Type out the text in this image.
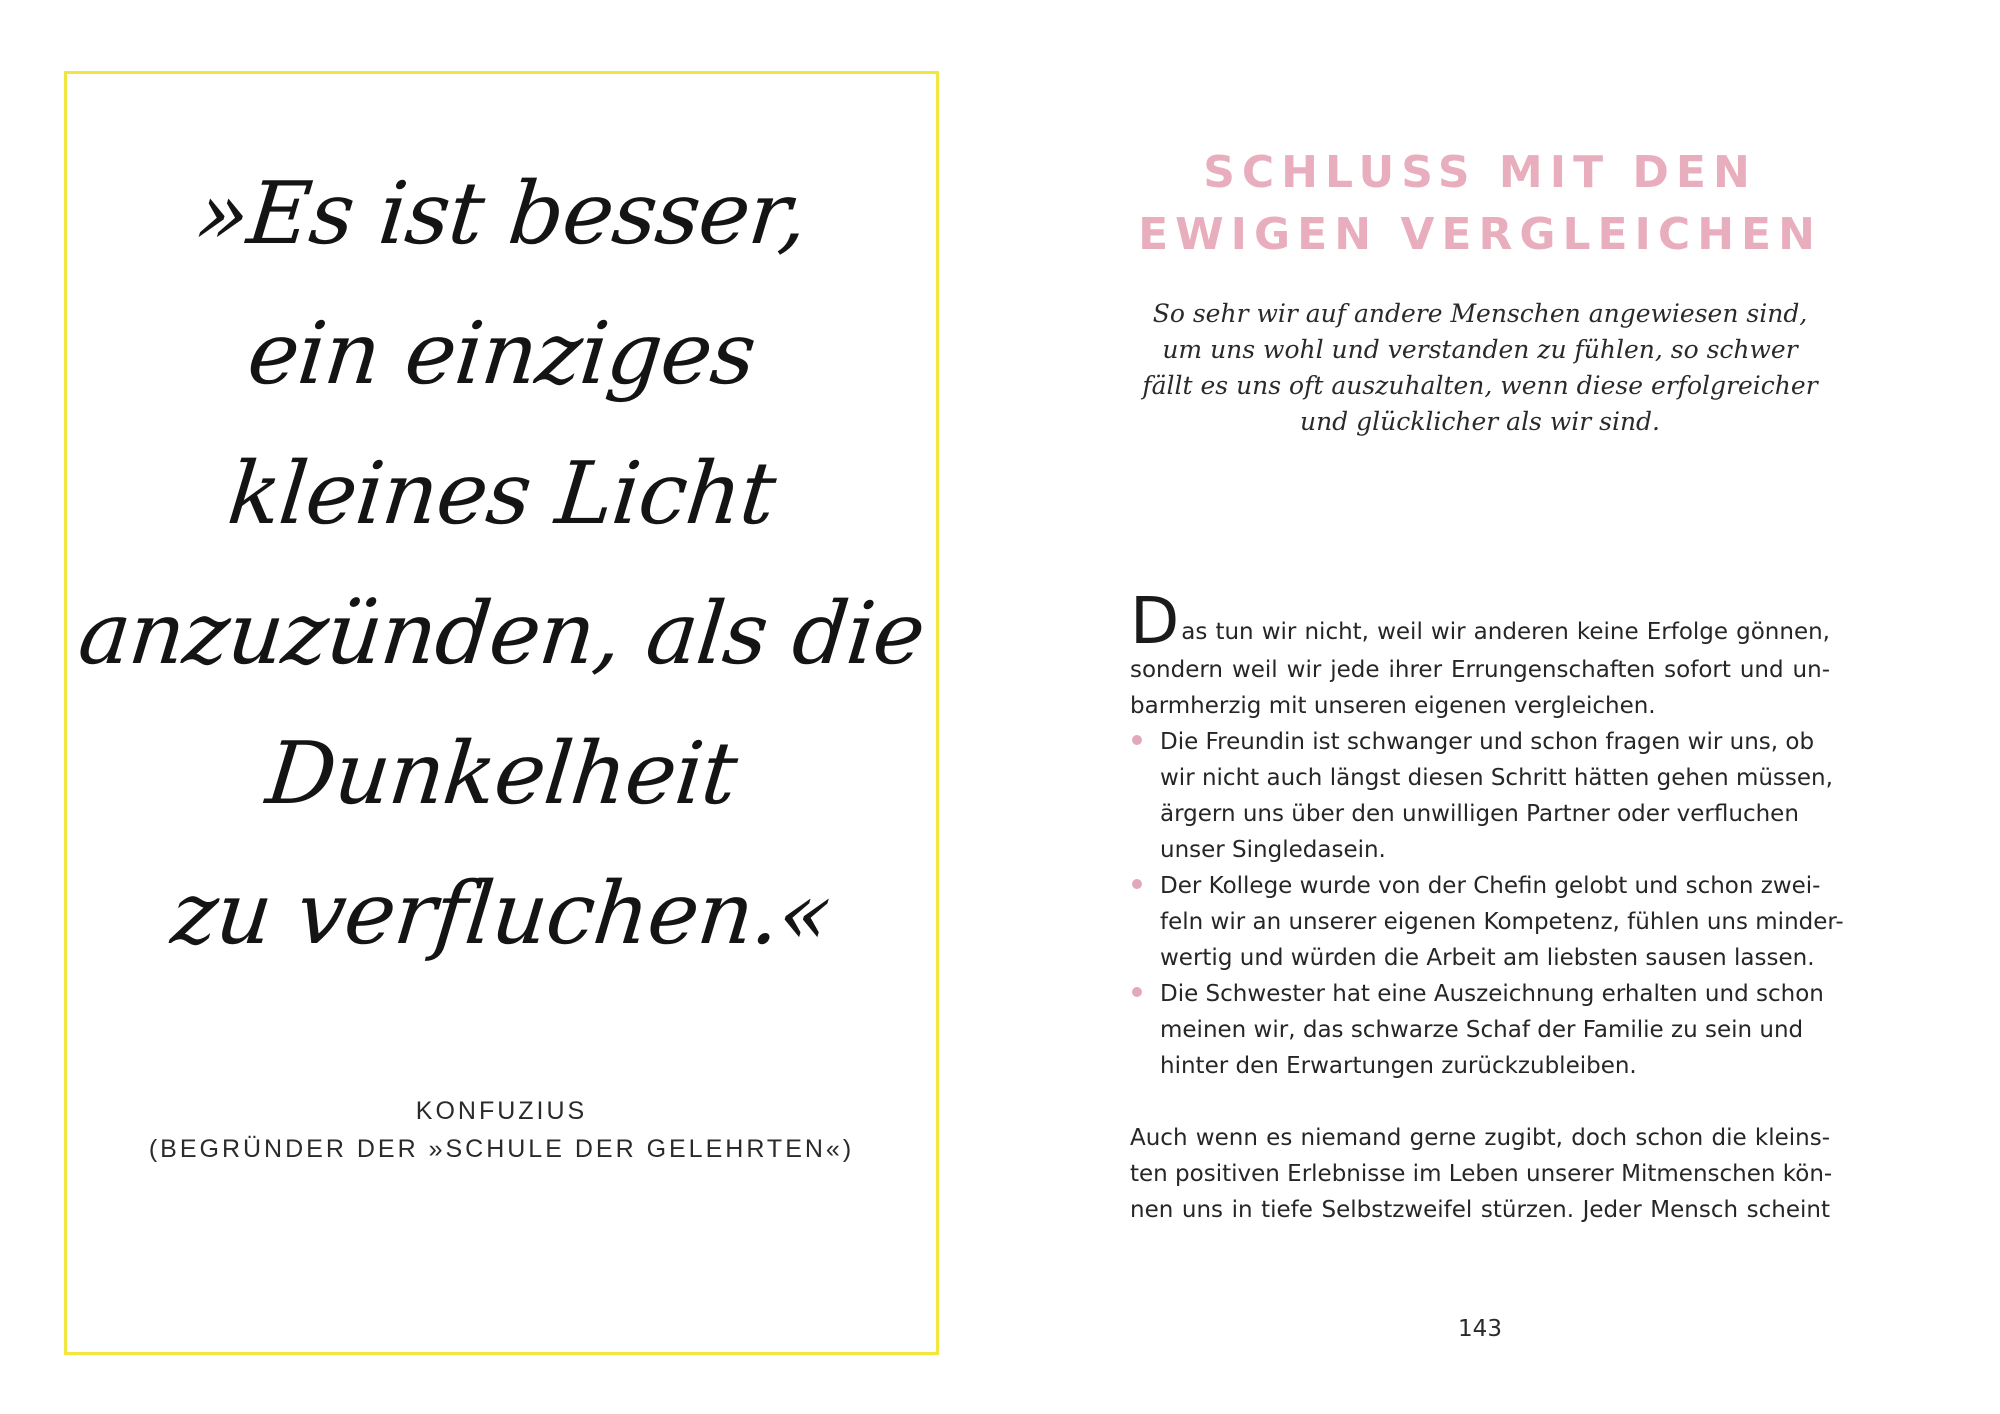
»Es ist besser,
ein einziges
kleines Licht
anzuzünden, als die
Dunkelheit
zu verfluchen.«
KONFUZIUS
(BEGRÜNDER DER »SCHULE DER GELEHRTEN«)
SCHLUSS MIT DEN
EWIGEN VERGLEICHEN
So sehr wir auf andere Menschen angewiesen sind,
um uns wohl und verstanden zu fühlen, so schwer
fällt es uns oft auszuhalten, wenn diese erfolgreicher
und glücklicher als wir sind.
D as tun wir nicht, weil wir anderen keine Erfolge gönnen,
sondern weil wir jede ihrer Errungenschaften sofort und un-
barmherzig mit unseren eigenen vergleichen.
Die Freundin ist schwanger und schon fragen wir uns, ob
wir nicht auch längst diesen Schritt hätten gehen müssen,
ärgern uns über den unwilligen Partner oder verfluchen
unser Singledasein.
Der Kollege wurde von der Chefin gelobt und schon zwei-
feln wir an unserer eigenen Kompetenz, fühlen uns minder-
wertig und würden die Arbeit am liebsten sausen lassen.
Die Schwester hat eine Auszeichnung erhalten und schon
meinen wir, das schwarze Schaf der Familie zu sein und
hinter den Erwartungen zurückzubleiben.
Auch wenn es niemand gerne zugibt, doch schon die kleins-
ten positiven Erlebnisse im Leben unserer Mitmenschen kön-
nen uns in tiefe Selbstzweifel stürzen. Jeder Mensch scheint
143
